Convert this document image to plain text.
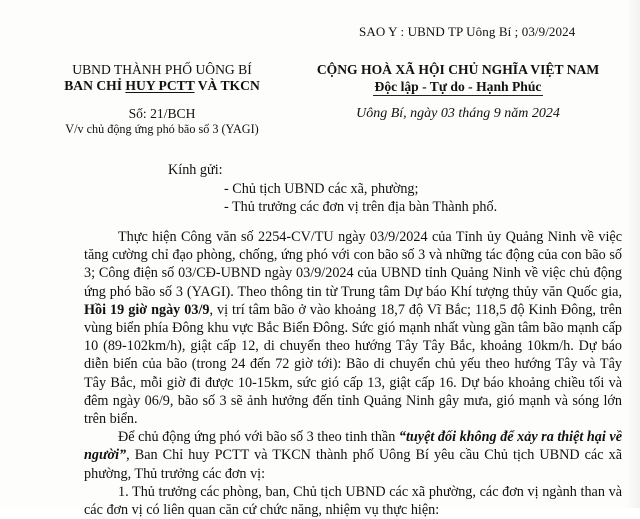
SAO Y : UBND TP Uông Bí ; 03/9/2024
UBND THÀNH PHỐ UÔNG BÍ
BAN CHỈ HUY PCTT VÀ TKCN
Số: 21/BCH
V/v chủ động ứng phó bão số 3 (YAGI)
CỘNG HOÀ XÃ HỘI CHỦ NGHĨA VIỆT NAM
Độc lập - Tự do - Hạnh Phúc
Uông Bí, ngày 03 tháng 9 năm 2024
Kính gửi:
- Chủ tịch UBND các xã, phường;
- Thủ trưởng các đơn vị trên địa bàn Thành phố.

Thực hiện Công văn số 2254-CV/TU ngày 03/9/2024 của Tỉnh ủy Quảng Ninh về việc tăng cường chỉ đạo phòng, chống, ứng phó với con bão số 3 và những tác động của con bão số 3; Công điện số 03/CĐ-UBND ngày 03/9/2024 của UBND tỉnh Quảng Ninh về việc chủ động ứng phó bão số 3 (YAGI). Theo thông tin từ Trung tâm Dự báo Khí tượng thủy văn Quốc gia, Hồi 19 giờ ngày 03/9, vị trí tâm bão ở vào khoảng 18,7 độ Vĩ Bắc; 118,5 độ Kinh Đông, trên vùng biển phía Đông khu vực Bắc Biển Đông. Sức gió mạnh nhất vùng gần tâm bão mạnh cấp 10 (89-102km/h), giật cấp 12, di chuyển theo hướng Tây Tây Bắc, khoảng 10km/h. Dự báo diễn biến của bão (trong 24 đến 72 giờ tới): Bão di chuyển chủ yếu theo hướng Tây và Tây Tây Bắc, mỗi giờ đi được 10-15km, sức gió cấp 13, giật cấp 16. Dự báo khoảng chiều tối và đêm ngày 06/9, bão số 3 sẽ ảnh hưởng đến tỉnh Quảng Ninh gây mưa, gió mạnh và sóng lớn trên biển.

Để chủ động ứng phó với bão số 3 theo tinh thần “tuyệt đối không để xảy ra thiệt hại về người”, Ban Chỉ huy PCTT và TKCN thành phố Uông Bí yêu cầu Chủ tịch UBND các xã phường, Thủ trưởng các đơn vị:

1. Thủ trưởng các phòng, ban, Chủ tịch UBND các xã phường, các đơn vị ngành than và các đơn vị có liên quan căn cứ chức năng, nhiệm vụ thực hiện:
